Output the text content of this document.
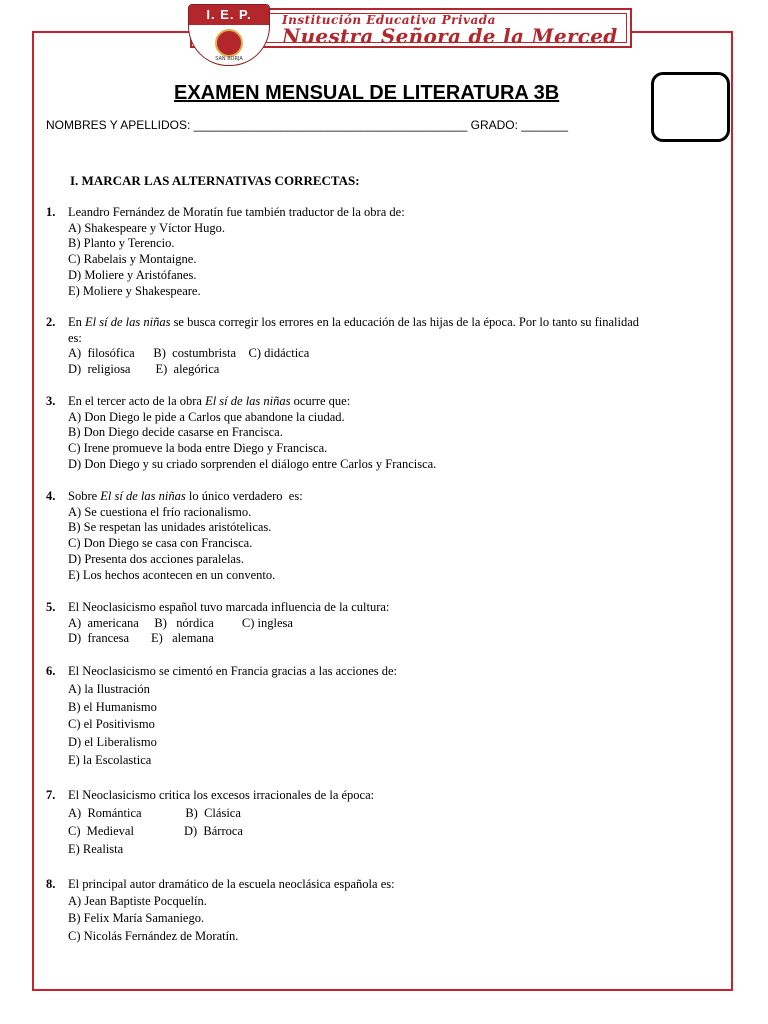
I. E. P.
SAN BORJA
Institución Educativa Privada
Nuestra Señora de la Merced
EXAMEN MENSUAL DE LITERATURA 3B
NOMBRES Y APELLIDOS: _________________________________________ GRADO: _______
I. MARCAR LAS ALTERNATIVAS CORRECTAS:
1. Leandro Fernández de Moratín fue también traductor de la obra de:
A) Shakespeare y Víctor Hugo.
B) Planto y Terencio.
C) Rabelais y Montaigne.
D) Moliere y Aristófanes.
E) Moliere y Shakespeare.
2. En El sí de las niñas se busca corregir los errores en la educación de las hijas de la época. Por lo tanto su finalidad
es:
A)  filosófica      B)  costumbrista    C) didáctica
D)  religiosa        E)  alegórica
3. En el tercer acto de la obra El sí de las niñas ocurre que:
A) Don Diego le pide a Carlos que abandone la ciudad.
B) Don Diego decide casarse en Francisca.
C) Irene promueve la boda entre Diego y Francisca.
D) Don Diego y su criado sorprenden el diálogo entre Carlos y Francisca.
4. Sobre El sí de las niñas lo único verdadero  es:
A) Se cuestiona el frío racionalismo.
B) Se respetan las unidades aristótelicas.
C) Don Diego se casa con Francisca.
D) Presenta dos acciones paralelas.
E) Los hechos acontecen en un convento.
5. El Neoclasicismo español tuvo marcada influencia de la cultura:
A)  americana     B)   nórdica         C) inglesa
D)  francesa       E)   alemana
6. El Neoclasicismo se cimentó en Francia gracias a las acciones de:
A) la Ilustración
B) el Humanismo
C) el Positivismo
D) el Liberalismo
E) la Escolastica
7. El Neoclasicismo critica los excesos irracionales de la época:
A)  Romántica              B)  Clásica
C)  Medieval                D)  Bárroca
E) Realista
8. El principal autor dramático de la escuela neoclásica española es:
A) Jean Baptiste Pocquelín.
B) Felix María Samaniego.
C) Nicolás Fernández de Moratín.
